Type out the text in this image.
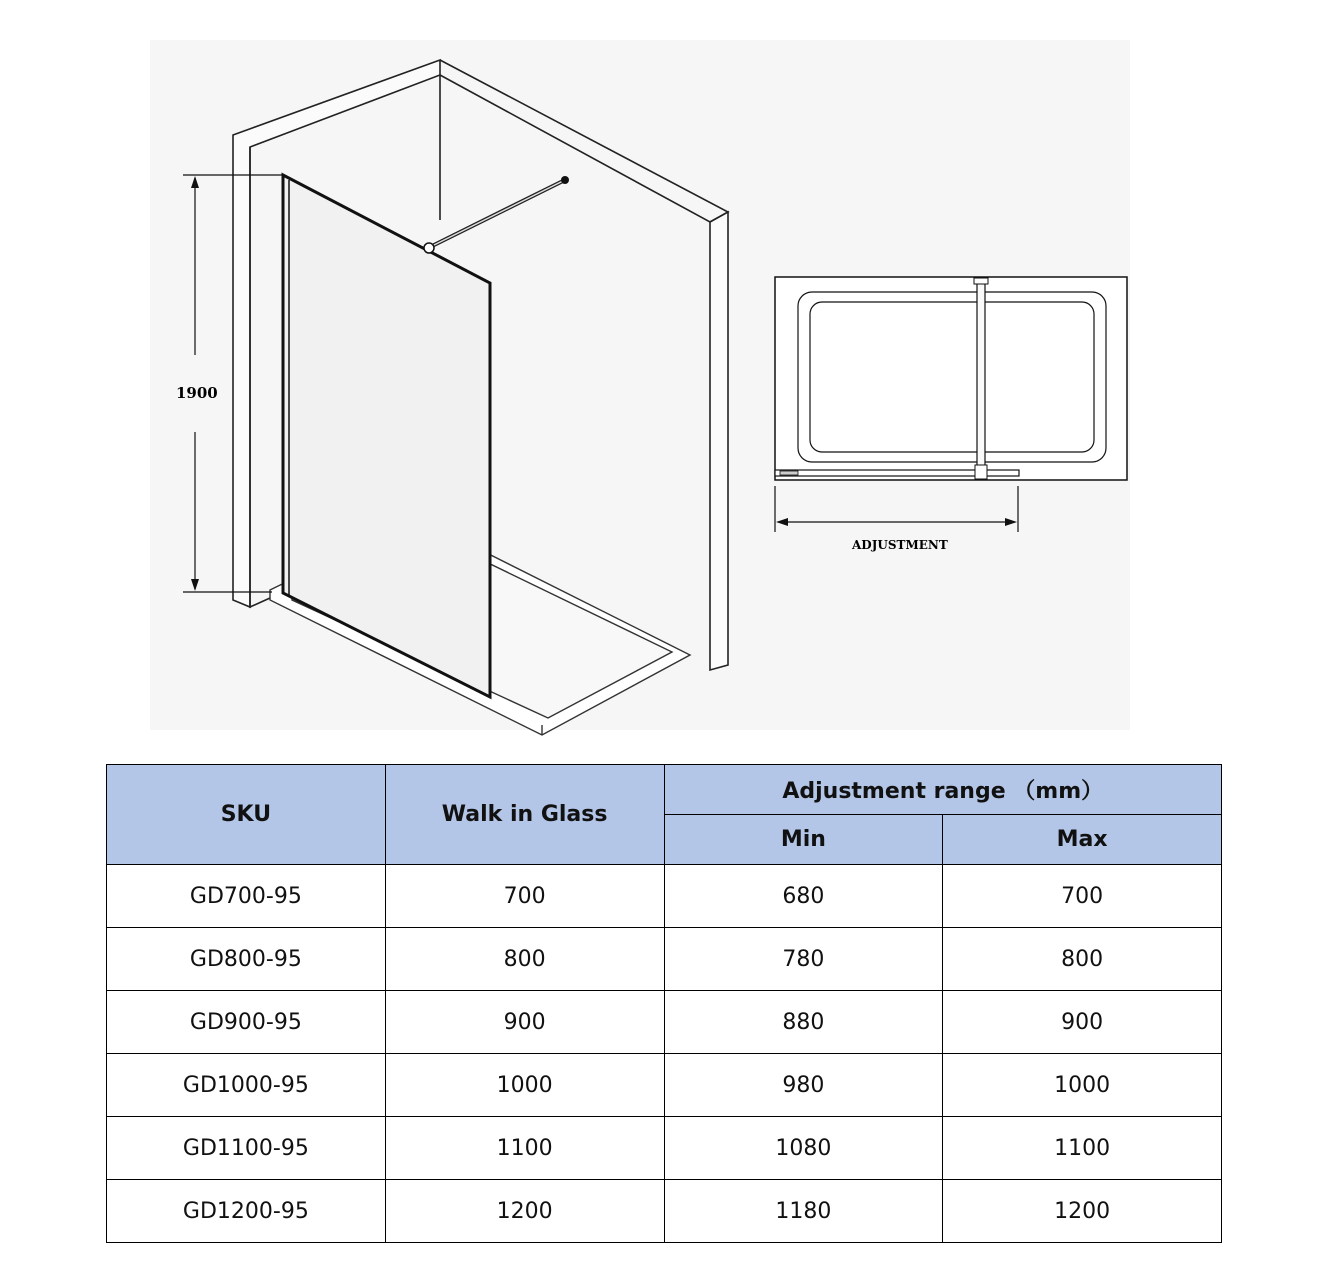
1900
ADJUSTMENT
SKU	Walk in Glass	Adjustment range （mm）	
		Min	Max
GD700-95	700	680	700
GD800-95	800	780	800
GD900-95	900	880	900
GD1000-95	1000	980	1000
GD1100-95	1100	1080	1100
GD1200-95	1200	1180	1200
